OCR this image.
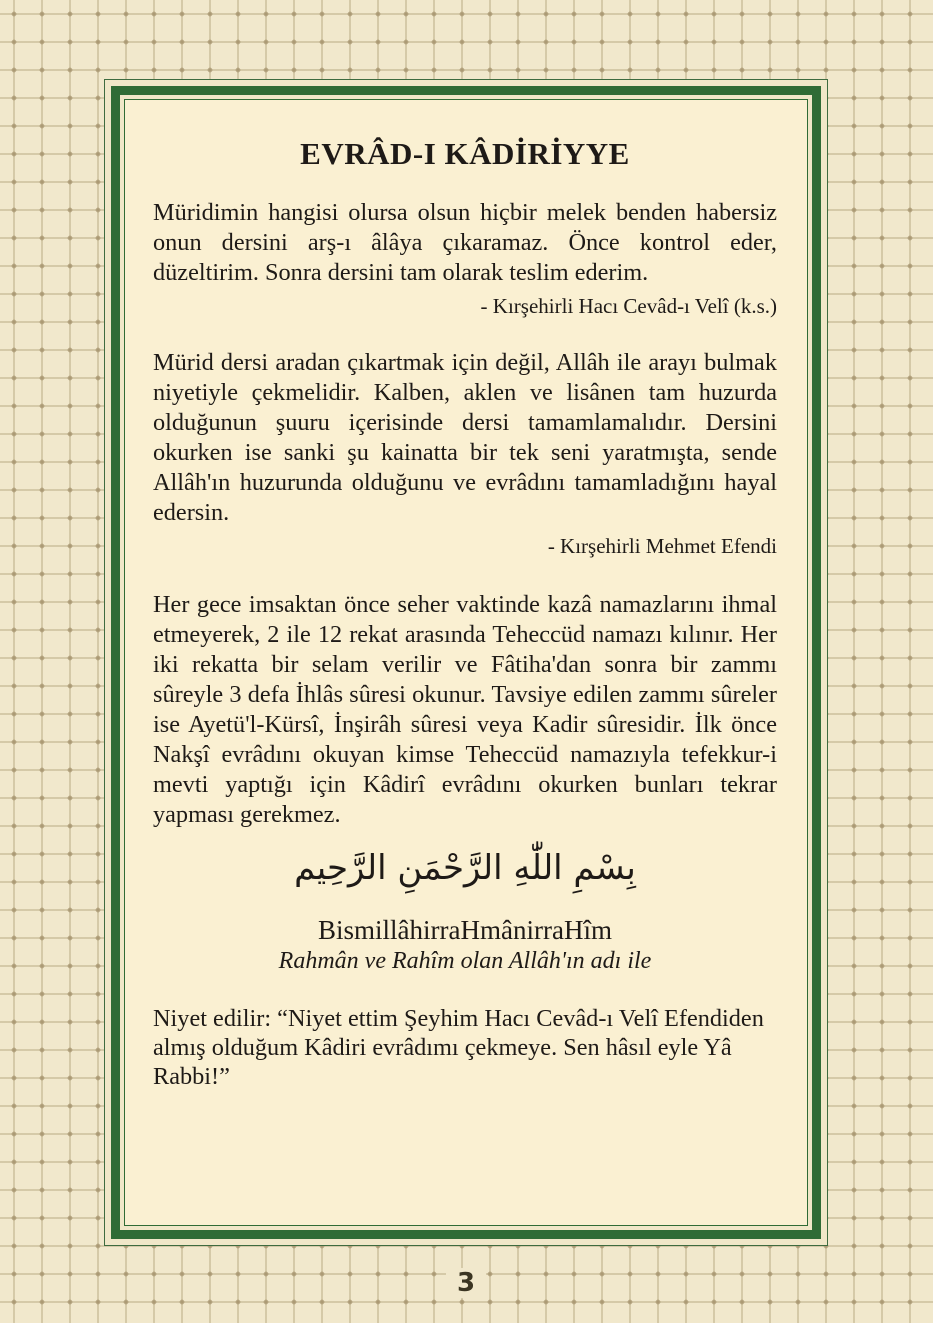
EVRÂD-I KÂDİRİYYE

Müridimin hangisi olursa olsun hiçbir melek benden habersiz onun dersini arş-ı âlâya çıkaramaz. Önce kontrol eder, düzeltirim. Sonra dersini tam olarak teslim ederim.

- Kırşehirli Hacı Cevâd-ı Velî (k.s.)

Mürid dersi aradan çıkartmak için değil, Allâh ile arayı bulmak niyetiyle çekmelidir. Kalben, aklen ve lisânen tam huzurda olduğunun şuuru içerisinde dersi tamamlamalıdır. Dersini okurken ise sanki şu kainatta bir tek seni yaratmışta, sende Allâh'ın huzurunda olduğunu ve evrâdını tamamladığını hayal edersin.

- Kırşehirli Mehmet Efendi

Her gece imsaktan önce seher vaktinde kazâ namazlarını ihmal etmeyerek, 2 ile 12 rekat arasında Teheccüd namazı kılınır. Her iki rekatta bir selam verilir ve Fâtiha'dan sonra bir zammı sûreyle 3 defa İhlâs sûresi okunur. Tavsiye edilen zammı sûreler ise Ayetü'l-Kürsî, İnşirâh sûresi veya Kadir sûresidir. İlk önce Nakşî evrâdını okuyan kimse Teheccüd namazıyla tefekkur-i mevti yaptığı için Kâdirî evrâdını okurken bunları tekrar yapması gerekmez.

بِسْمِ اللّٰهِ الرَّحْمَنِ الرَّحِيم

BismillâhirraHmânirraHîm

Rahmân ve Rahîm olan Allâh'ın adı ile

Niyet edilir: “Niyet ettim Şeyhim Hacı Cevâd-ı Velî Efendiden almış olduğum Kâdiri evrâdımı çekmeye. Sen hâsıl eyle Yâ Rabbi!”

3
